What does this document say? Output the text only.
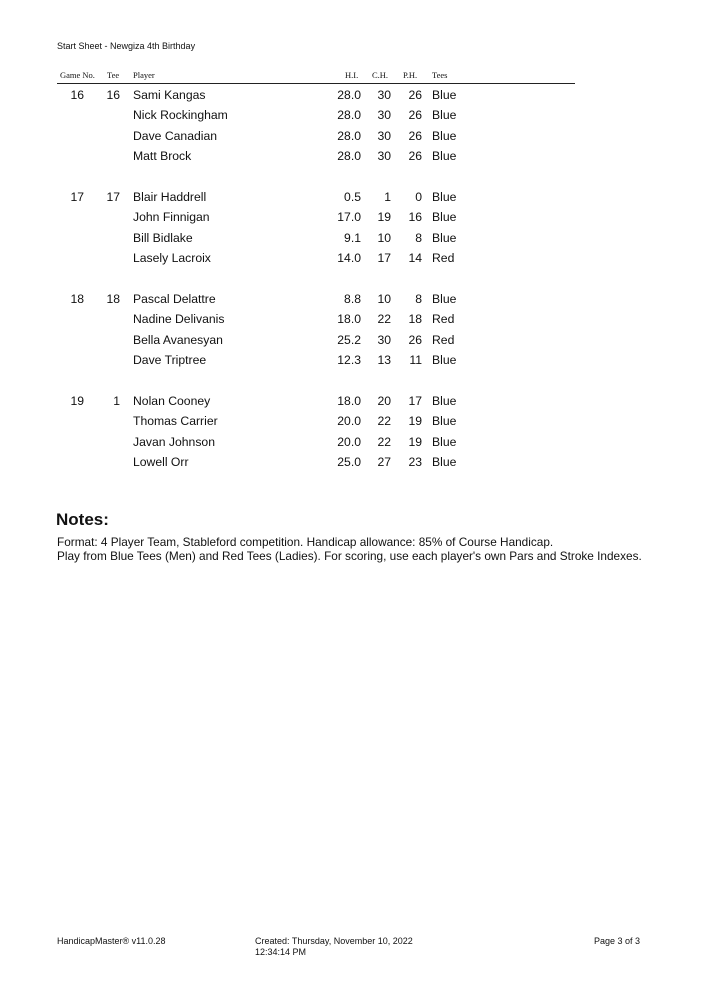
Start Sheet - Newgiza 4th Birthday
Game No. Tee Player	H.I. C.H. P.H. Tees
16	16 Sami Kangas	28.0	30	26 Blue
Nick Rockingham	28.0	30	26 Blue
Dave Canadian	28.0	30	26 Blue
Matt Brock	28.0	30	26 Blue
17	17 Blair Haddrell	0.5	1	0 Blue
John Finnigan	17.0	19	16 Blue
Bill Bidlake	9.1	10	8 Blue
Lasely Lacroix	14.0	17	14 Red
18	18 Pascal Delattre	8.8	10	8 Blue
Nadine Delivanis	18.0	22	18 Red
Bella Avanesyan	25.2	30	26 Red
Dave Triptree	12.3	13	11 Blue
19	1 Nolan Cooney	18.0	20	17 Blue
Thomas Carrier	20.0	22	19 Blue
Javan Johnson	20.0	22	19 Blue
Lowell Orr	25.0	27	23 Blue
Notes:
Format: 4 Player Team, Stableford competition. Handicap allowance: 85% of Course Handicap.
Play from Blue Tees (Men) and Red Tees (Ladies). For scoring, use each player's own Pars and Stroke Indexes.
HandicapMaster® v11.0.28	Created: Thursday, November 10, 2022
12:34:14 PM
Page 3 of 3
